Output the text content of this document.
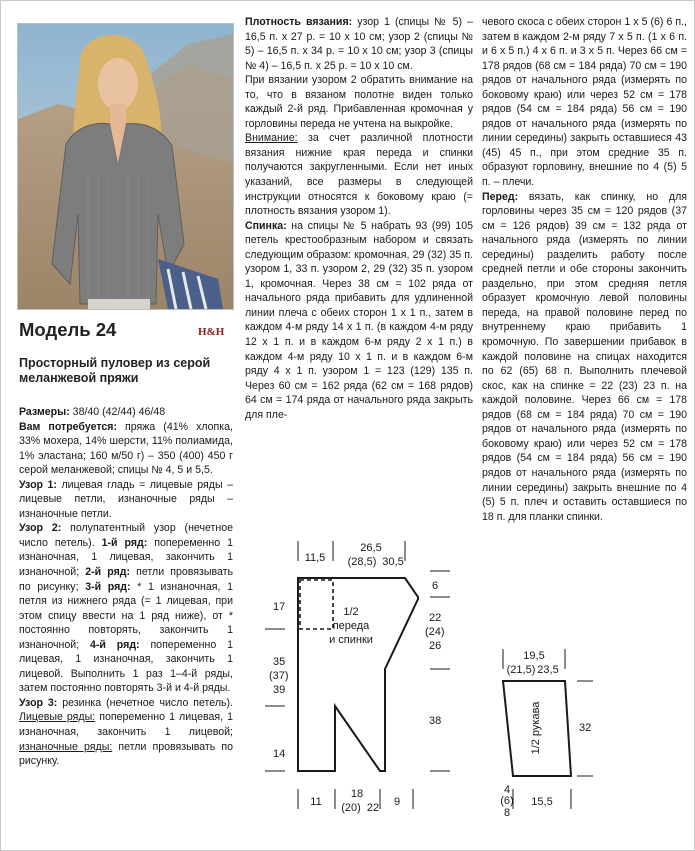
Модель 24	H&H
Просторный пуловер из серой меланжевой пряжи

Размеры: 38/40 (42/44) 46/48

Вам потребуется: пряжа (41% хлопка, 33% мохера, 14% шерсти, 11% полиамида, 1% эластана; 160 м/50 г) – 350 (400) 450 г серой меланжевой; спицы № 4, 5 и 5,5.

Узор 1: лицевая гладь = лицевые ряды – лицевые петли, изнаночные ряды – изнаночные петли.

Узор 2: полупатентный узор (нечетное число петель). 1-й ряд: попеременно 1 изнаночная, 1 лицевая, закончить 1 изнаночной; 2-й ряд: петли провязывать по рисунку; 3-й ряд: * 1 изнаночная, 1 петля из нижнего ряда (= 1 лицевая, при этом спицу ввести на 1 ряд ниже), от * постоянно повторять, закончить 1 изнаночной; 4-й ряд: попеременно 1 лицевая, 1 изнаночная, закончить 1 лицевой. Выполнить 1 раз 1–4-й ряды, затем постоянно повторять 3-й и 4-й ряды.

Узор 3: резинка (нечетное число петель). Лицевые ряды: попеременно 1 лицевая, 1 изнаночная, закончить 1 лицевой; изнаночные ряды: петли провязывать по рисунку.

Плотность вязания: узор 1 (спицы № 5) – 16,5 п. x 27 р. = 10 x 10 см; узор 2 (спицы № 5) – 16,5 п. x 34 р. = 10 x 10 см; узор 3 (спицы № 4) – 16,5 п. x 25 р. = 10 x 10 см.

При вязании узором 2 обратить внимание на то, что в вязаном полотне виден только каждый 2-й ряд. Прибавленная кромочная у горловины переда не учтена на выкройке.

Внимание: за счет различной плотности вязания нижние края переда и спинки получаются закругленными. Если нет иных указаний, все размеры в следующей инструкции относятся к боковому краю (= плотность вязания узором 1).

Спинка: на спицы № 5 набрать 93 (99) 105 петель крестообразным набором и связать следующим образом: кромочная, 29 (32) 35 п. узором 1, 33 п. узором 2, 29 (32) 35 п. узором 1, кромочная. Через 38 см = 102 ряда от начального ряда прибавить для удлиненной линии плеча с обеих сторон 1 x 1 п., затем в каждом 4-м ряду 14 x 1 п. (в каждом 4-м ряду 12 x 1 п. и в каждом 6-м ряду 2 x 1 п.) в каждом 4-м ряду 10 x 1 п. и в каждом 6-м ряду 4 x 1 п. узором 1 = 123 (129) 135 п. Через 60 см = 162 ряда (62 см = 168 рядов) 64 см = 174 ряда от начального ряда закрыть для пле-

чевого скоса с обеих сторон 1 x 5 (6) 6 п., затем в каждом 2-м ряду 7 x 5 п. (1 x 6 п. и 6 x 5 п.) 4 x 6 п. и 3 x 5 п. Через 66 см = 178 рядов (68 см = 184 ряда) 70 см = 190 рядов от начального ряда (измерять по боковому краю) или через 52 см = 178 рядов (54 см = 184 ряда) 56 см = 190 рядов от начального ряда (измерять по линии середины) закрыть оставшиеся 43 (45) 45 п., при этом средние 35 п. образуют горловину, внешние по 4 (5) 5 п. – плечи.

Перед: вязать, как спинку, но для горловины через 35 см = 120 рядов (37 см = 126 рядов) 39 см = 132 ряда от начального ряда (измерять по линии середины) разделить работу после средней петли и обе стороны закончить раздельно, при этом средняя петля образует кромочную левой половины переда, на правой половине перед по внутреннему краю прибавить 1 кромочную. По завершении прибавок в каждой половине на спицах находится по 62 (65) 68 п. Выполнить плечевой скос, как на спинке = 22 (23) 23 п. на каждой половине. Через 66 см = 178 рядов (68 см = 184 ряда) 70 см = 190 рядов от начального ряда (измерять по боковому краю) или через 52 см = 178 рядов (54 см = 184 ряда) 56 см = 190 рядов от начального ряда (измерять по линии середины) закрыть внешние по 4 (5) 5 п. плеч и оставить оставшиеся по 18 п. для планки спинки.

1/2
переда
и спинки
11,5
26,5
(28,5) 30,5
6
22
(24)
26
38
17
35
(37)
39
14
11
18
(20) 22 9
1/2 рукава
19,5
(21,5) 23,5
32
4
(6)
8
15,5
